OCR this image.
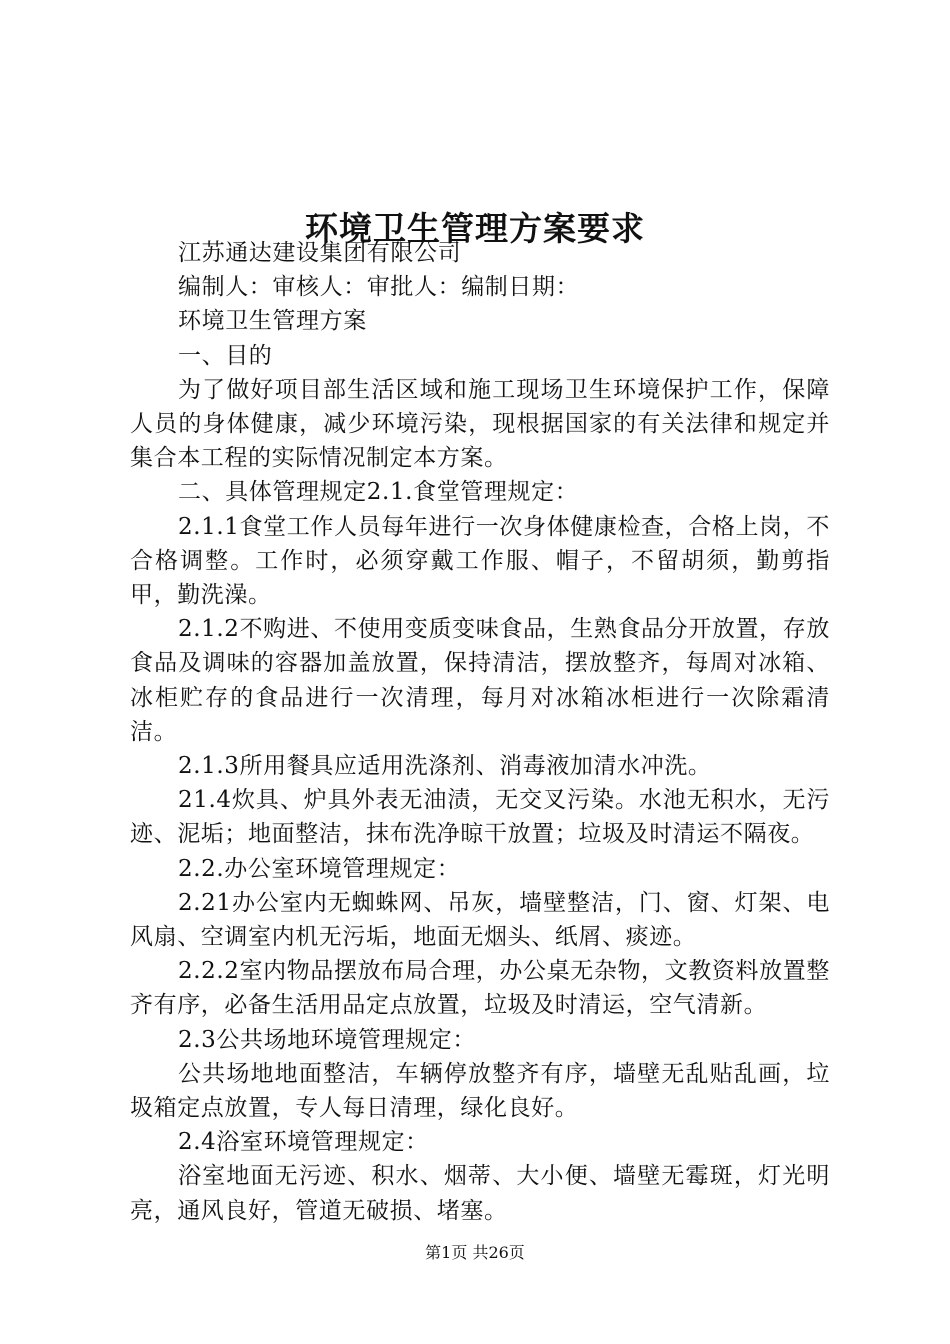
环境卫生管理方案要求

江苏通达建设集团有限公司

编制人：审核人：审批人：编制日期：

环境卫生管理方案

一、目的

为了做好项目部生活区域和施工现场卫生环境保护工作，保障人员的身体健康，减少环境污染，现根据国家的有关法律和规定并集合本工程的实际情况制定本方案。

二、具体管理规定2.1.食堂管理规定：

2.1.1食堂工作人员每年进行一次身体健康检查，合格上岗，不合格调整。工作时，必须穿戴工作服、帽子，不留胡须，勤剪指甲，勤洗澡。

2.1.2不购进、不使用变质变味食品，生熟食品分开放置，存放食品及调味的容器加盖放置，保持清洁，摆放整齐，每周对冰箱、冰柜贮存的食品进行一次清理，每月对冰箱冰柜进行一次除霜清洁。

2.1.3所用餐具应适用洗涤剂、消毒液加清水冲洗。

21.4炊具、炉具外表无油渍，无交叉污染。水池无积水，无污迹、泥垢；地面整洁，抹布洗净晾干放置；垃圾及时清运不隔夜。

2.2.办公室环境管理规定：

2.21办公室内无蜘蛛网、吊灰，墙壁整洁，门、窗、灯架、电风扇、空调室内机无污垢，地面无烟头、纸屑、痰迹。

2.2.2室内物品摆放布局合理，办公桌无杂物，文教资料放置整齐有序，必备生活用品定点放置，垃圾及时清运，空气清新。

2.3公共场地环境管理规定：

公共场地地面整洁，车辆停放整齐有序，墙壁无乱贴乱画，垃圾箱定点放置，专人每日清理，绿化良好。

2.4浴室环境管理规定：

浴室地面无污迹、积水、烟蒂、大小便、墙壁无霉斑，灯光明亮，通风良好，管道无破损、堵塞。

第1页 共26页
